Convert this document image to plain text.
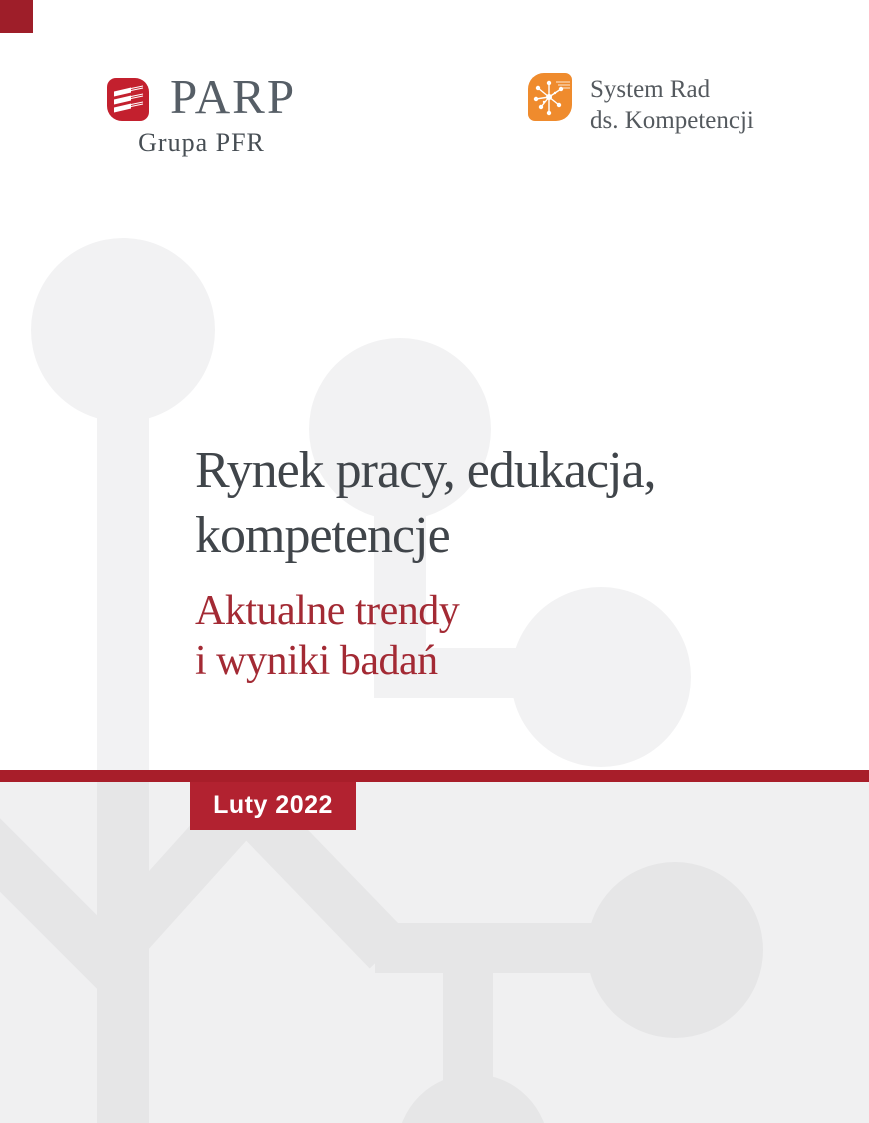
PARP
Grupa PFR
System Rad
ds. Kompetencji
Rynek pracy, edukacja,
kompetencje
Aktualne trendy
i wyniki badań
Luty 2022
